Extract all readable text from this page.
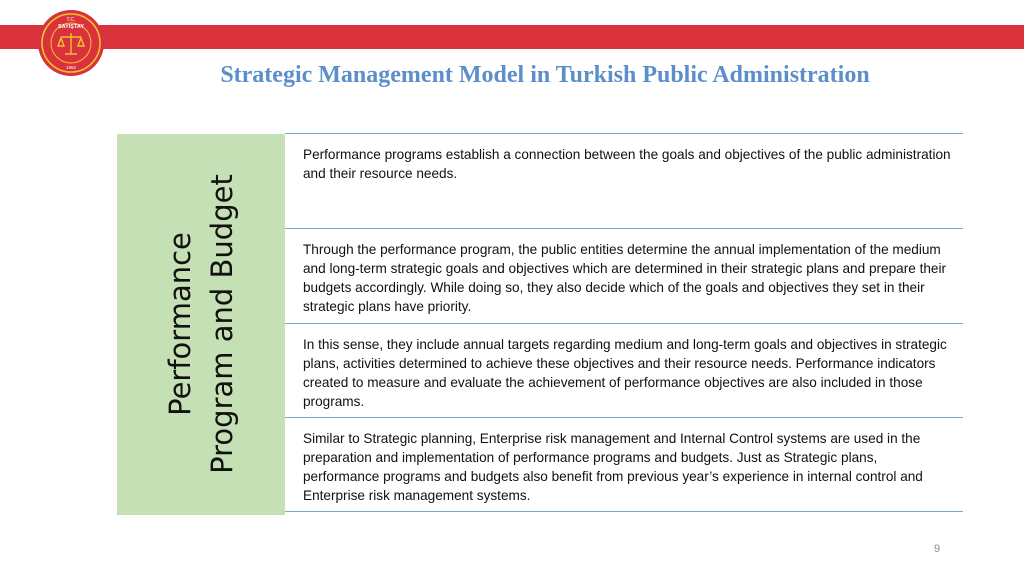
T.C.
SAYIŞTAY
1862	Strategic Management Model in Turkish Public Administration
Performance Program and Budget
Performance programs establish a connection between the goals and objectives of the public administration and their resource needs.
Through the performance program, the public entities determine the annual implementation of the medium and long-term strategic goals and objectives which are determined in their strategic plans and prepare their budgets accordingly. While doing so, they also decide which of the goals and objectives they set in their strategic plans have priority.
In this sense, they include annual targets regarding medium and long-term goals and objectives in strategic plans, activities determined to achieve these objectives and their resource needs. Performance indicators created to measure and evaluate the achievement of performance objectives are also included in those programs.
Similar to Strategic planning, Enterprise risk management and Internal Control systems are used in the preparation and implementation of performance programs and budgets. Just as Strategic plans, performance programs and budgets also benefit from previous year’s experience in internal control and Enterprise risk management systems.
9
